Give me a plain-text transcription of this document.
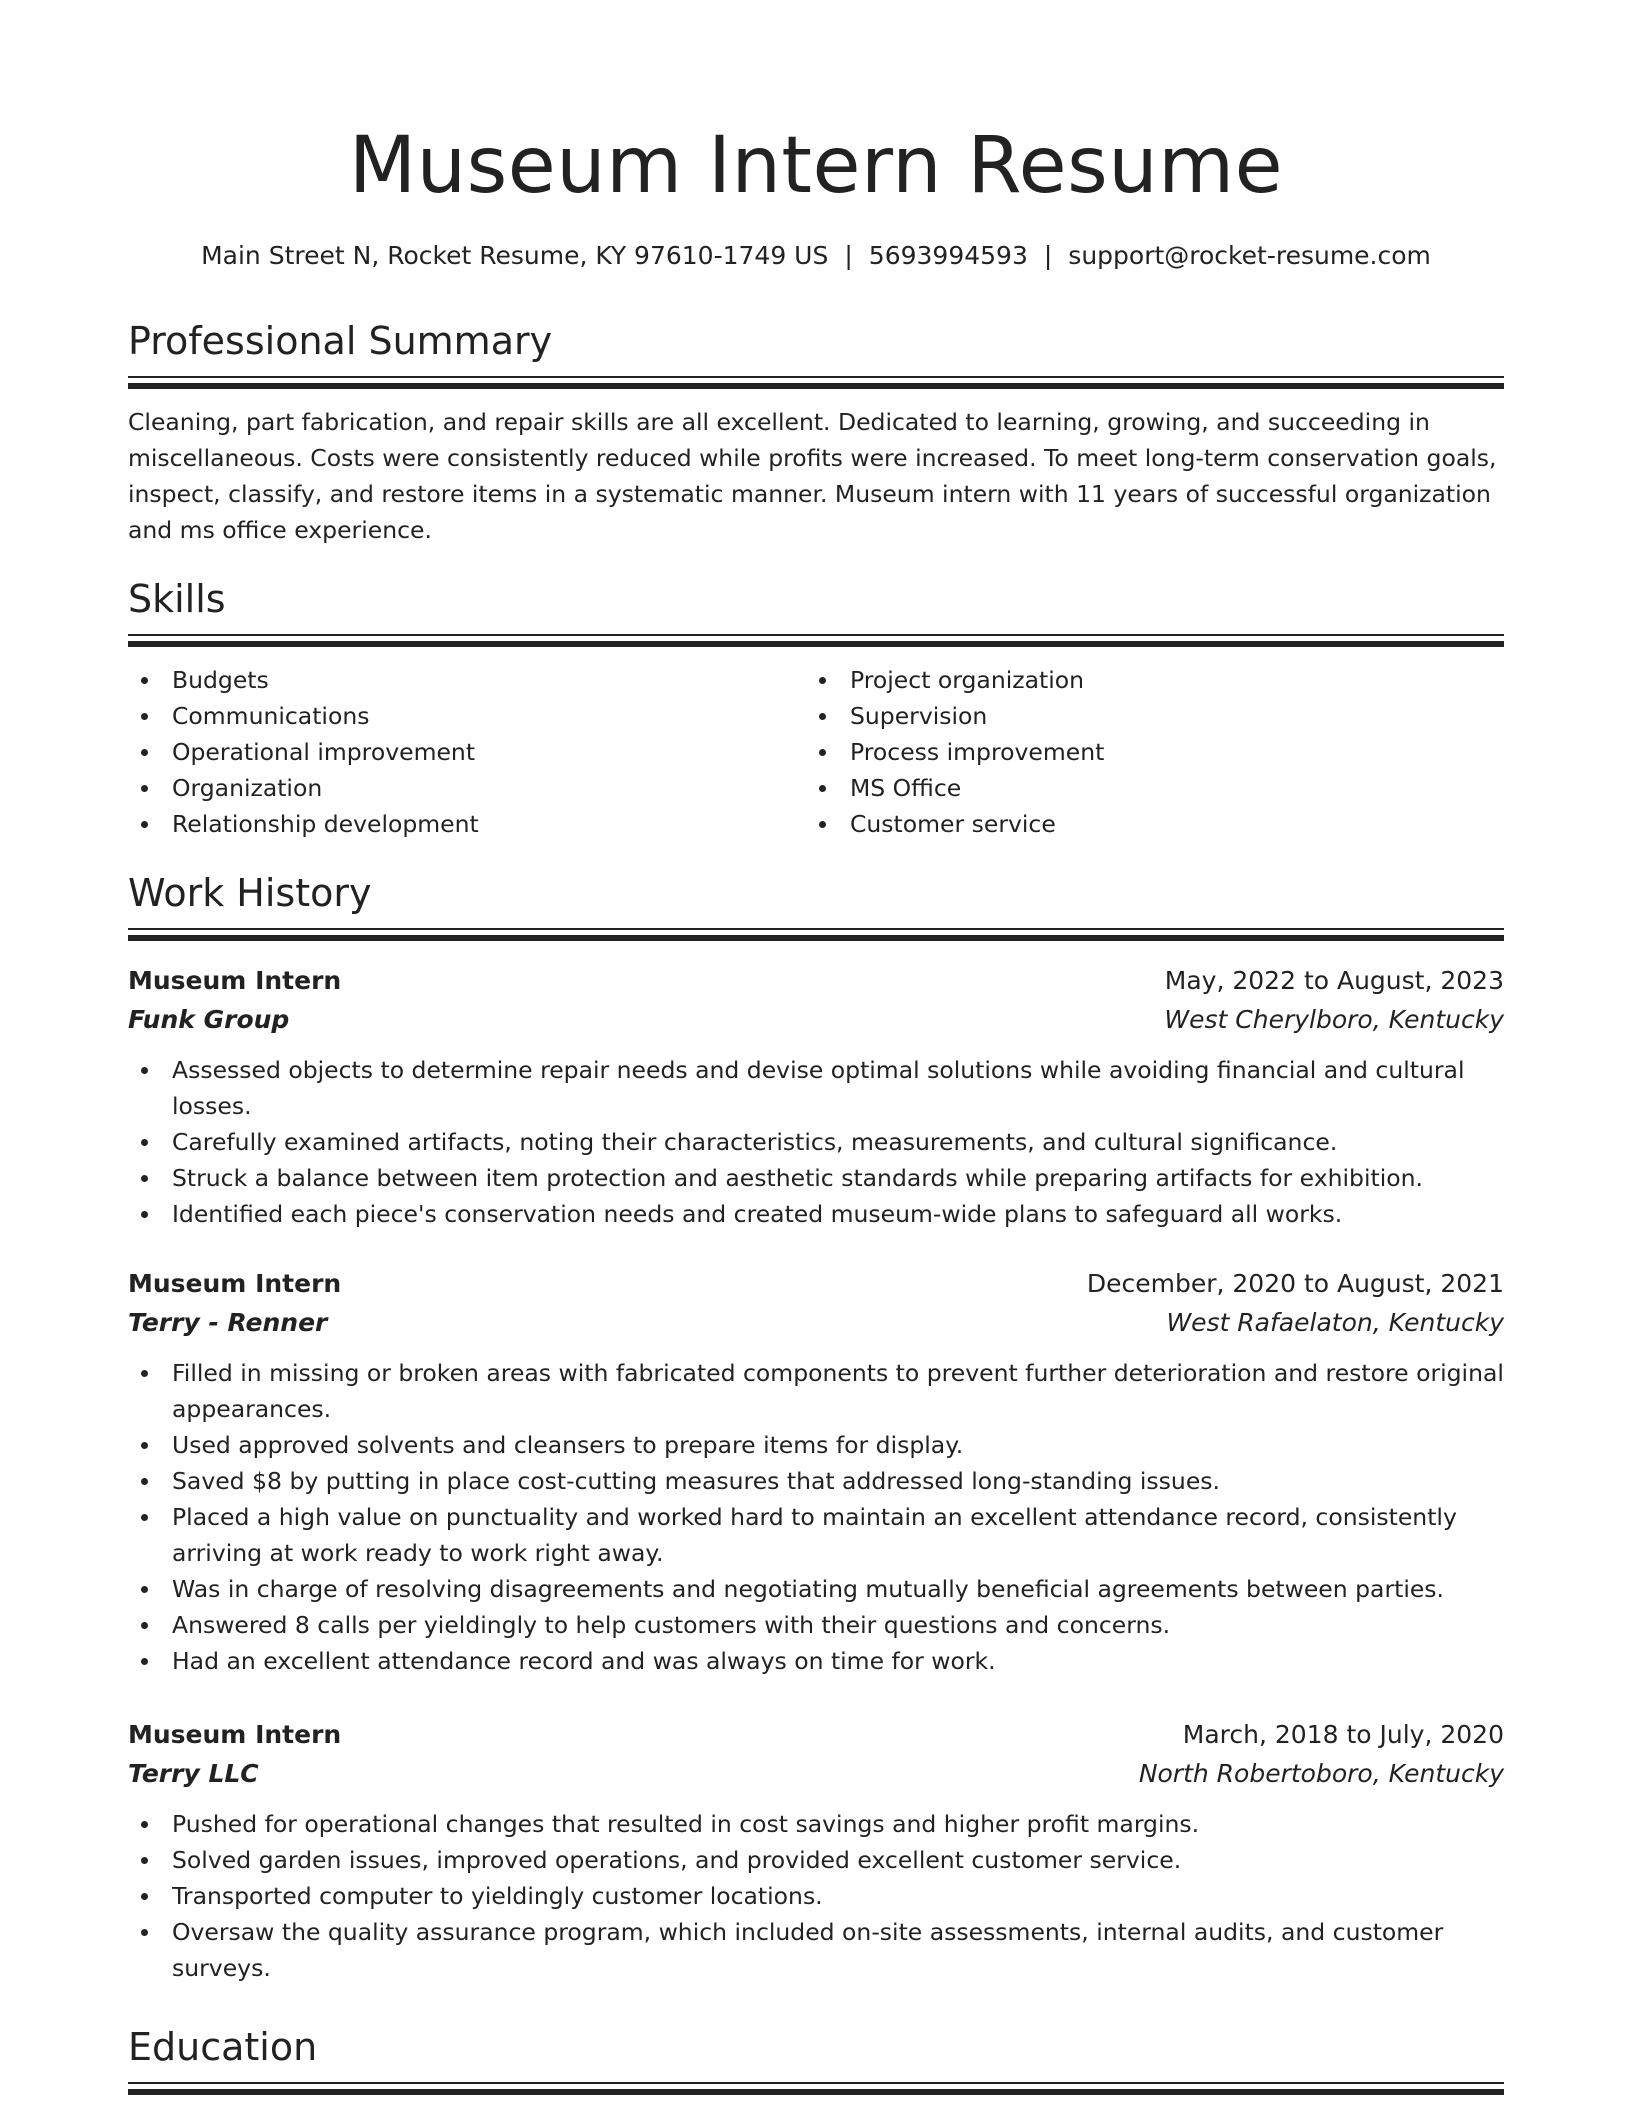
Museum Intern Resume
Main Street N, Rocket Resume, KY 97610-1749 US | 5693994593 | support@rocket-resume.com
Professional Summary

Cleaning, part fabrication, and repair skills are all excellent. Dedicated to learning, growing, and succeeding in miscellaneous. Costs were consistently reduced while profits were increased. To meet long-term conservation goals, inspect, classify, and restore items in a systematic manner. Museum intern with 11 years of successful organization and ms office experience.

Skills
Budgets
Communications
Operational improvement
Organization
Relationship development
Project organization
Supervision
Process improvement
MS Office
Customer service
Work History
Museum Intern	May, 2022 to August, 2023
Funk Group	West Cherylboro, Kentucky
Assessed objects to determine repair needs and devise optimal solutions while avoiding financial and cultural losses.
Carefully examined artifacts, noting their characteristics, measurements, and cultural significance.
Struck a balance between item protection and aesthetic standards while preparing artifacts for exhibition.
Identified each piece's conservation needs and created museum-wide plans to safeguard all works.
Museum Intern	December, 2020 to August, 2021
Terry - Renner	West Rafaelaton, Kentucky
Filled in missing or broken areas with fabricated components to prevent further deterioration and restore original appearances.
Used approved solvents and cleansers to prepare items for display.
Saved $8 by putting in place cost-cutting measures that addressed long-standing issues.
Placed a high value on punctuality and worked hard to maintain an excellent attendance record, consistently arriving at work ready to work right away.
Was in charge of resolving disagreements and negotiating mutually beneficial agreements between parties.
Answered 8 calls per yieldingly to help customers with their questions and concerns.
Had an excellent attendance record and was always on time for work.
Museum Intern	March, 2018 to July, 2020
Terry LLC	North Robertoboro, Kentucky
Pushed for operational changes that resulted in cost savings and higher profit margins.
Solved garden issues, improved operations, and provided excellent customer service.
Transported computer to yieldingly customer locations.
Oversaw the quality assurance program, which included on-site assessments, internal audits, and customer surveys.
Education
